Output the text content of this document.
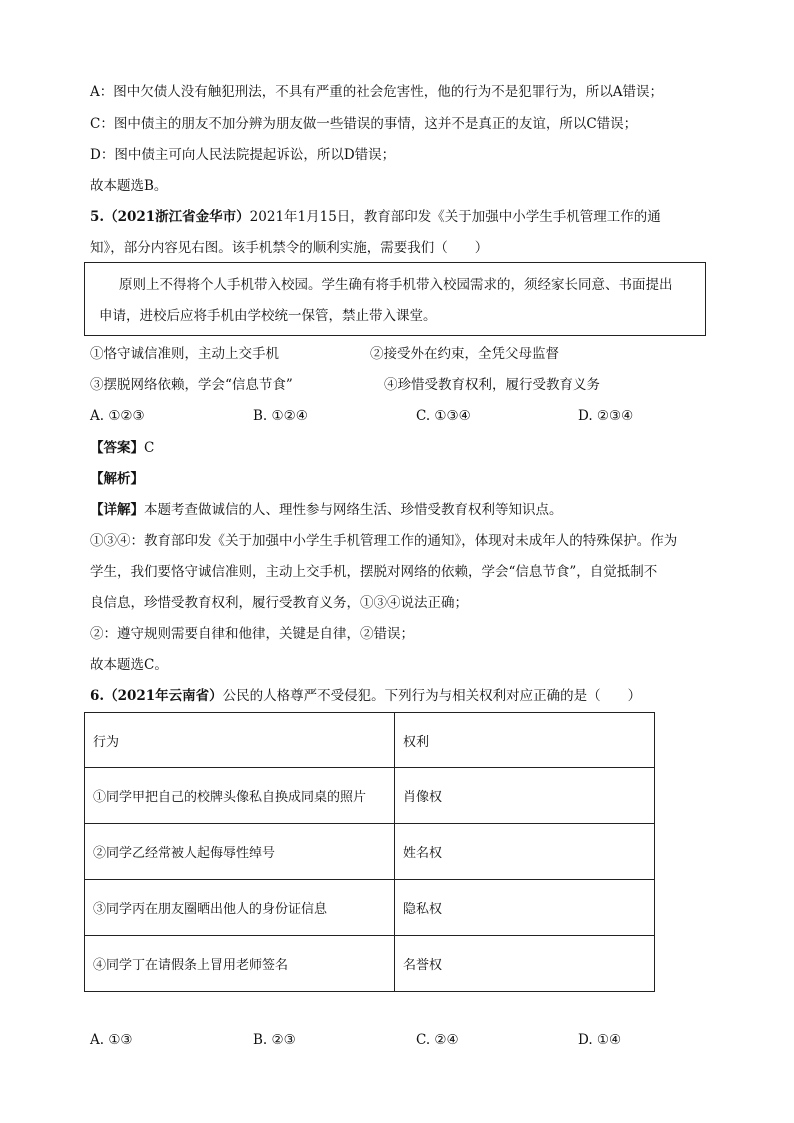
A：图中欠债人没有触犯刑法，不具有严重的社会危害性，他的行为不是犯罪行为，所以A错误；
C：图中债主的朋友不加分辨为朋友做一些错误的事情，这并不是真正的友谊，所以C错误；
D：图中债主可向人民法院提起诉讼，所以D错误；
故本题选B。
5.（2021浙江省金华市）2021年1月15日，教育部印发《关于加强中小学生手机管理工作的通
知》，部分内容见右图。该手机禁令的顺利实施，需要我们（　　）
原则上不得将个人手机带入校园。学生确有将手机带入校园需求的，须经家长同意、书面提出
申请，进校后应将手机由学校统一保管，禁止带入课堂。
①恪守诚信准则，主动上交手机	②接受外在约束，全凭父母监督
③摆脱网络依赖，学会“信息节食”	④珍惜受教育权利，履行受教育义务
A. ①②③	B. ①②④	C. ①③④	D. ②③④
【答案】C
【解析】
【详解】本题考查做诚信的人、理性参与网络生活、珍惜受教育权利等知识点。
①③④：教育部印发《关于加强中小学生手机管理工作的通知》，体现对未成年人的特殊保护。作为
学生，我们要恪守诚信准则，主动上交手机，摆脱对网络的依赖，学会“信息节食”，自觉抵制不
良信息，珍惜受教育权利，履行受教育义务，①③④说法正确；
②：遵守规则需要自律和他律，关键是自律，②错误；
故本题选C。
6.（2021年云南省）公民的人格尊严不受侵犯。下列行为与相关权利对应正确的是（　　）
行为	权利
①同学甲把自己的校牌头像私自换成同桌的照片	肖像权
②同学乙经常被人起侮辱性绰号	姓名权
③同学丙在朋友圈晒出他人的身份证信息	隐私权
④同学丁在请假条上冒用老师签名	名誉权
A. ①③	B. ②③	C. ②④	D. ①④
